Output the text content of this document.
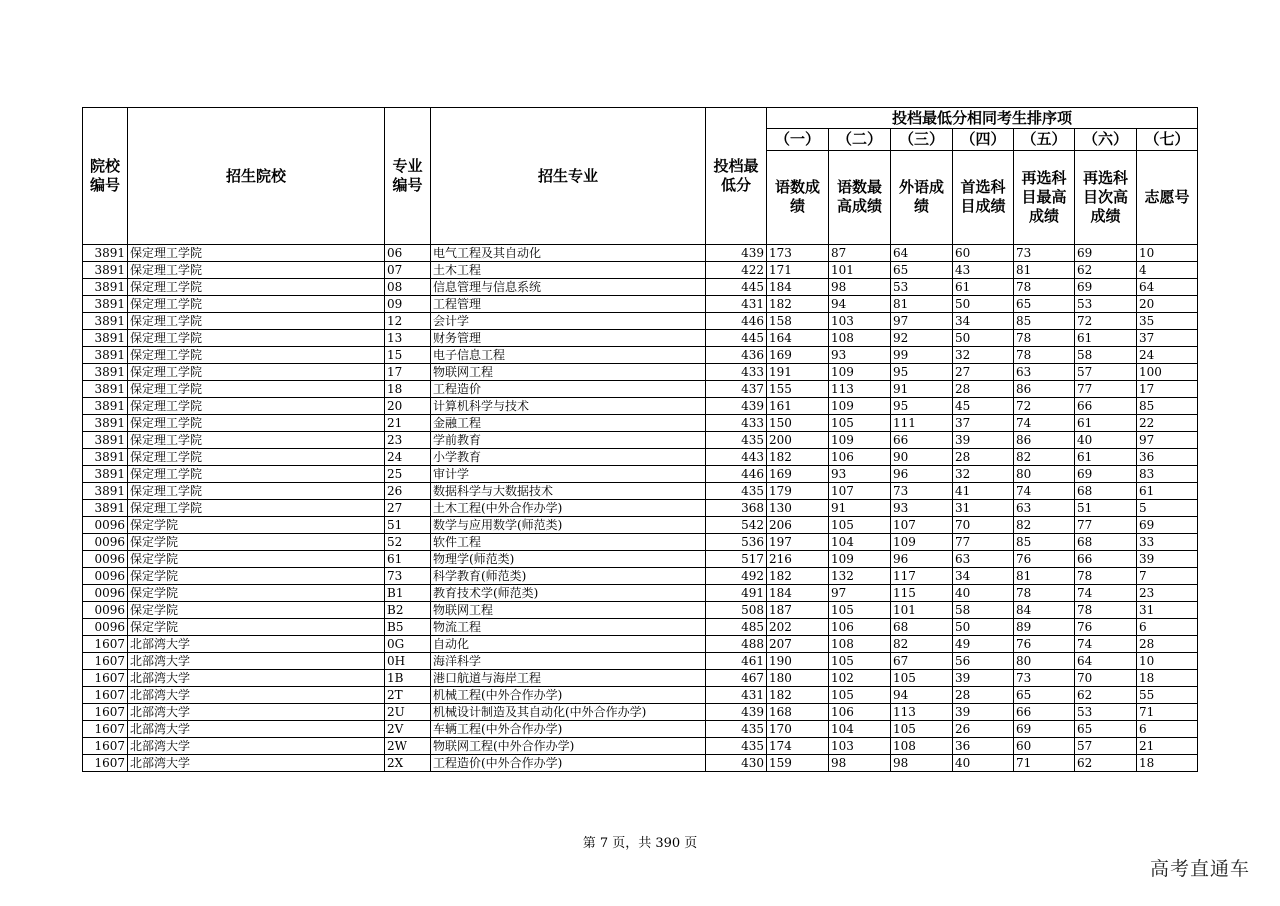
院校编号	招生院校	专业编号	招生专业	投档最低分	投档最低分相同考生排序项						
					（一）	（二）	（三）	（四）	（五）	（六）	（七）
					语数成绩	语数最高成绩	外语成绩	首选科目成绩	再选科目最高成绩	再选科目次高成绩	志愿号
3891	保定理工学院	06	电气工程及其自动化	439	173	87	64	60	73	69	10
3891	保定理工学院	07	土木工程	422	171	101	65	43	81	62	4
3891	保定理工学院	08	信息管理与信息系统	445	184	98	53	61	78	69	64
3891	保定理工学院	09	工程管理	431	182	94	81	50	65	53	20
3891	保定理工学院	12	会计学	446	158	103	97	34	85	72	35
3891	保定理工学院	13	财务管理	445	164	108	92	50	78	61	37
3891	保定理工学院	15	电子信息工程	436	169	93	99	32	78	58	24
3891	保定理工学院	17	物联网工程	433	191	109	95	27	63	57	100
3891	保定理工学院	18	工程造价	437	155	113	91	28	86	77	17
3891	保定理工学院	20	计算机科学与技术	439	161	109	95	45	72	66	85
3891	保定理工学院	21	金融工程	433	150	105	111	37	74	61	22
3891	保定理工学院	23	学前教育	435	200	109	66	39	86	40	97
3891	保定理工学院	24	小学教育	443	182	106	90	28	82	61	36
3891	保定理工学院	25	审计学	446	169	93	96	32	80	69	83
3891	保定理工学院	26	数据科学与大数据技术	435	179	107	73	41	74	68	61
3891	保定理工学院	27	土木工程(中外合作办学)	368	130	91	93	31	63	51	5
0096	保定学院	51	数学与应用数学(师范类)	542	206	105	107	70	82	77	69
0096	保定学院	52	软件工程	536	197	104	109	77	85	68	33
0096	保定学院	61	物理学(师范类)	517	216	109	96	63	76	66	39
0096	保定学院	73	科学教育(师范类)	492	182	132	117	34	81	78	7
0096	保定学院	B1	教育技术学(师范类)	491	184	97	115	40	78	74	23
0096	保定学院	B2	物联网工程	508	187	105	101	58	84	78	31
0096	保定学院	B5	物流工程	485	202	106	68	50	89	76	6
1607	北部湾大学	0G	自动化	488	207	108	82	49	76	74	28
1607	北部湾大学	0H	海洋科学	461	190	105	67	56	80	64	10
1607	北部湾大学	1B	港口航道与海岸工程	467	180	102	105	39	73	70	18
1607	北部湾大学	2T	机械工程(中外合作办学)	431	182	105	94	28	65	62	55
1607	北部湾大学	2U	机械设计制造及其自动化(中外合作办学)	439	168	106	113	39	66	53	71
1607	北部湾大学	2V	车辆工程(中外合作办学)	435	170	104	105	26	69	65	6
1607	北部湾大学	2W	物联网工程(中外合作办学)	435	174	103	108	36	60	57	21
1607	北部湾大学	2X	工程造价(中外合作办学)	430	159	98	98	40	71	62	18
第 7 页，共 390 页
高考直通车
